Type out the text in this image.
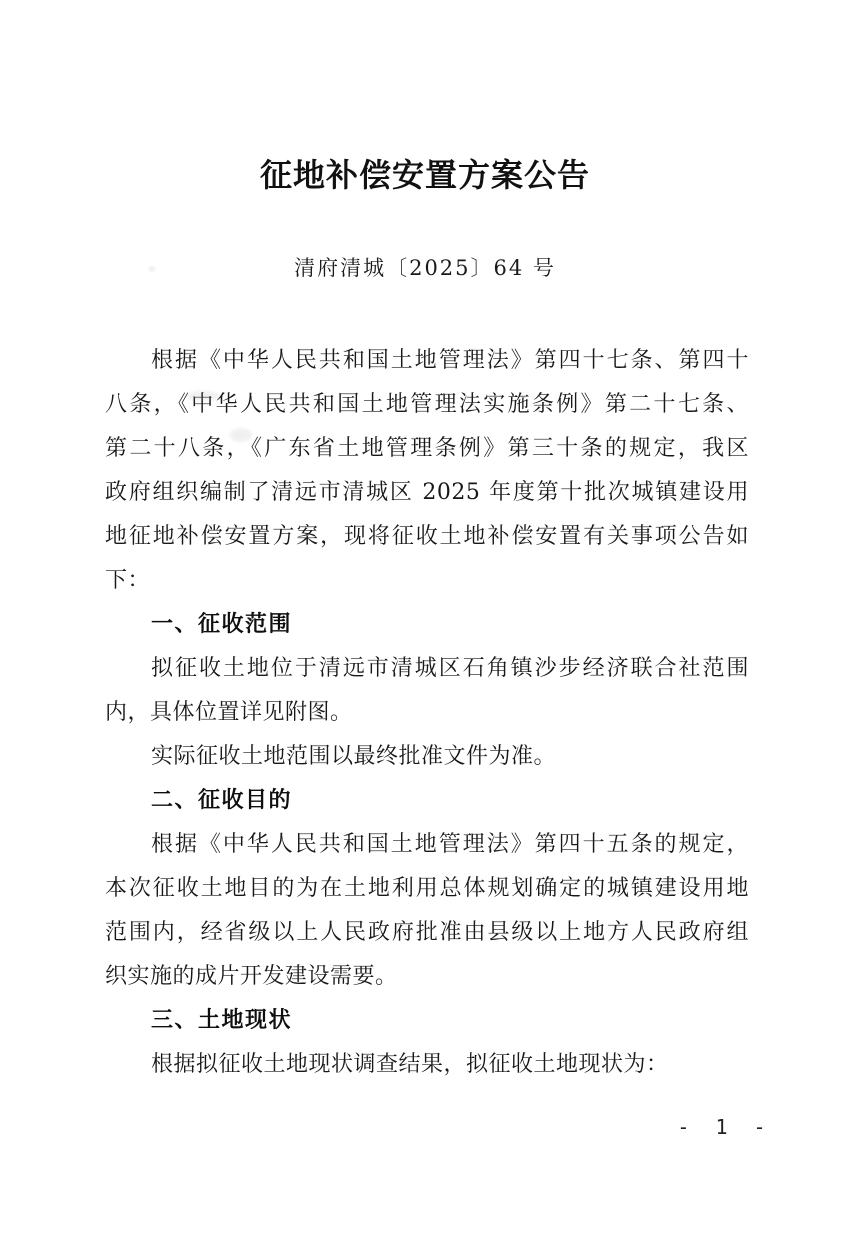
征地补偿安置方案公告
清府清城〔2025〕64 号
根据《中华人民共和国土地管理法》第四十七条、第四十
八条，《中华人民共和国土地管理法实施条例》第二十七条、
第二十八条，《广东省土地管理条例》第三十条的规定，我区
政府组织编制了清远市清城区 2025 年度第十批次城镇建设用
地征地补偿安置方案，现将征收土地补偿安置有关事项公告如
下：
一、征收范围
拟征收土地位于清远市清城区石角镇沙步经济联合社范围
内，具体位置详见附图。
实际征收土地范围以最终批准文件为准。
二、征收目的
根据《中华人民共和国土地管理法》第四十五条的规定，
本次征收土地目的为在土地利用总体规划确定的城镇建设用地
范围内，经省级以上人民政府批准由县级以上地方人民政府组
织实施的成片开发建设需要。
三、土地现状
根据拟征收土地现状调查结果，拟征收土地现状为：
- 1 -
